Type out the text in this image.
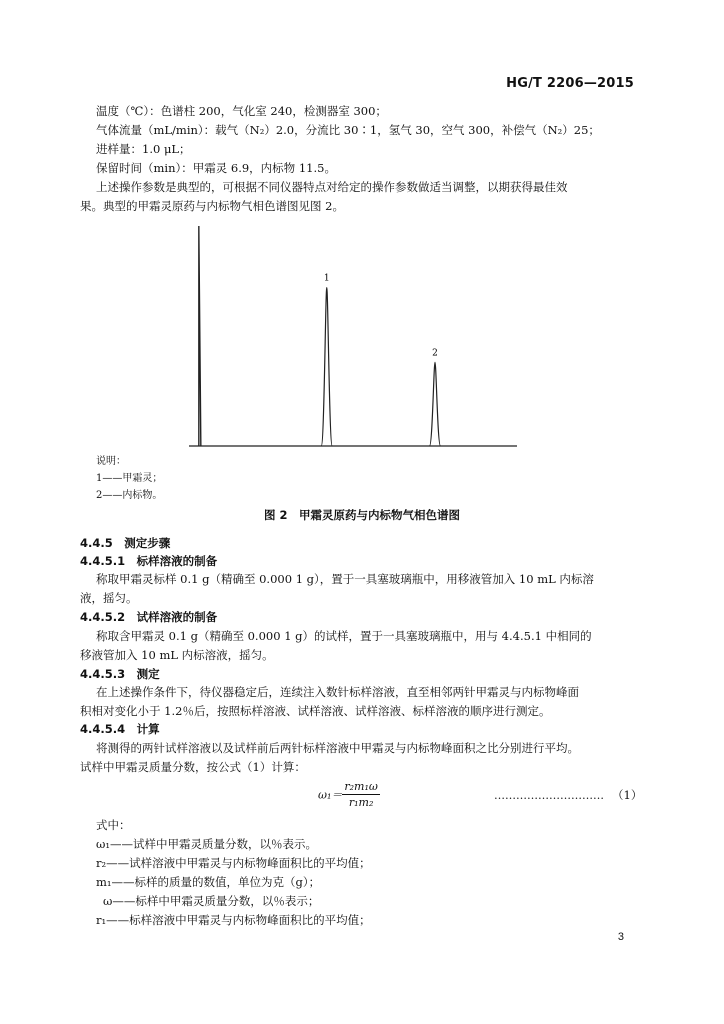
HG/T 2206—2015
温度（℃）：色谱柱 200，气化室 240，检测器室 300；
气体流量（mL/min）：载气（N₂）2.0，分流比 30∶1，氢气 30，空气 300，补偿气（N₂）25；
进样量：1.0 μL；
保留时间（min）：甲霜灵 6.9，内标物 11.5。
上述操作参数是典型的，可根据不同仪器特点对给定的操作参数做适当调整，以期获得最佳效
果。典型的甲霜灵原药与内标物气相色谱图见图 2。
1
2
说明：
1——甲霜灵；
2——内标物。
图 2　甲霜灵原药与内标物气相色谱图
4.4.5　测定步骤
4.4.5.1　标样溶液的制备
称取甲霜灵标样 0.1 g（精确至 0.000 1 g），置于一具塞玻璃瓶中，用移液管加入 10 mL 内标溶
液，摇匀。
4.4.5.2　试样溶液的制备
称取含甲霜灵 0.1 g（精确至 0.000 1 g）的试样，置于一具塞玻璃瓶中，用与 4.4.5.1 中相同的
移液管加入 10 mL 内标溶液，摇匀。
4.4.5.3　测定
在上述操作条件下，待仪器稳定后，连续注入数针标样溶液，直至相邻两针甲霜灵与内标物峰面
积相对变化小于 1.2％后，按照标样溶液、试样溶液、试样溶液、标样溶液的顺序进行测定。
4.4.5.4　计算
将测得的两针试样溶液以及试样前后两针标样溶液中甲霜灵与内标物峰面积之比分别进行平均。
试样中甲霜灵质量分数，按公式（1）计算：
$\omega_1= \frac{\text{r₂m₁ω}}{\text{r₁m₂}}$	………………………… （1）
式中：
ω₁——试样中甲霜灵质量分数，以％表示。
r₂——试样溶液中甲霜灵与内标物峰面积比的平均值；
m₁——标样的质量的数值，单位为克（g）；
ω——标样中甲霜灵质量分数，以％表示；
r₁——标样溶液中甲霜灵与内标物峰面积比的平均值；
3
